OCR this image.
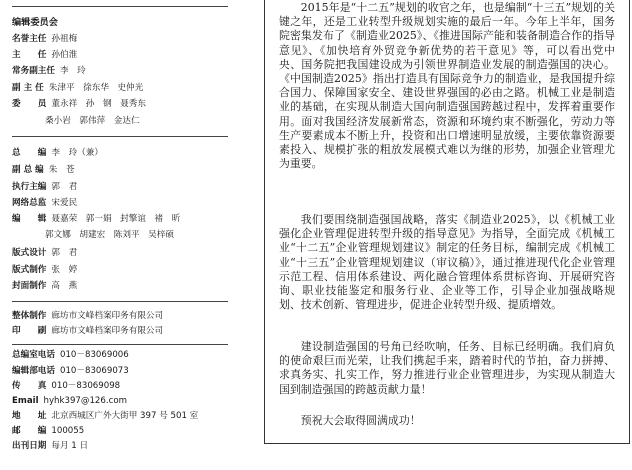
编辑委员会
名誉主任 孙祖梅
主　　任 孙伯淮
常务副主任 李　玲
副 主 任 朱津平　徐东华　史仲光
委　　员 董永祥　孙　钢　聂秀东
桑小岩　郭伟萍　金达仁
总　　编 李　玲（兼）
副 总 编 朱　苍
执行主编 郭　君
网络总监 宋爱民
编　　辑 聂嘉荣　郭一娟　封擎谊　褚　昕
郭文娜　胡建宏　陈刘平　吴梓硕
版式设计 郭　君
版式制作 张　婷
封面制作 高　燕
整体制作 廊坊市文峰档案印务有限公司
印　　刷 廊坊市文峰档案印务有限公司
总编室电话 010－83069006
编辑部电话 010－83069073
传　　真 010－83069098
Email hyhk397@126.com
地　　址 北京西城区广外大街甲 397 号 501 室
邮　　编 100055
出刊日期 每月 1 日

2015年是“十二五”规划的收官之年，也是编制“十三五”规划的关键之年，还是工业转型升级规划实施的最后一年。今年上半年，国务院密集发布了《制造业2025》、《推进国际产能和装备制造合作的指导意见》、《加快培育外贸竞争新优势的若干意见》等，可以看出党中央、国务院把我国建设成为引领世界制造业发展的制造强国的决心。《中国制造2025》指出打造具有国际竞争力的制造业，是我国提升综合国力、保障国家安全、建设世界强国的必由之路。机械工业是制造业的基础，在实现从制造大国向制造强国跨越过程中，发挥着重要作用。面对我国经济发展新常态，资源和环境约束不断强化，劳动力等生产要素成本不断上升，投资和出口增速明显放缓，主要依靠资源要素投入、规模扩张的粗放发展模式难以为继的形势，加强企业管理尤为重要。

我们要围绕制造强国战略，落实《制造业2025》，以《机械工业强化企业管理促进转型升级的指导意见》为指导，全面完成《机械工业“十二五”企业管理规划建议》制定的任务目标，编制完成《机械工业“十三五”企业管理规划建议（审议稿）》，通过推进现代化企业管理示范工程、信用体系建设、两化融合管理体系贯标咨询、开展研究咨询、职业技能鉴定和服务行业、企业等工作，引导企业加强战略规划、技术创新、管理进步，促进企业转型升级、提质增效。

建设制造强国的号角已经吹响，任务、目标已经明确。我们肩负的使命艰巨而光荣，让我们携起手来，踏着时代的节拍，奋力拼搏、求真务实、扎实工作，努力推进行业企业管理进步，为实现从制造大国到制造强国的跨越贡献力量！

预祝大会取得圆满成功！
